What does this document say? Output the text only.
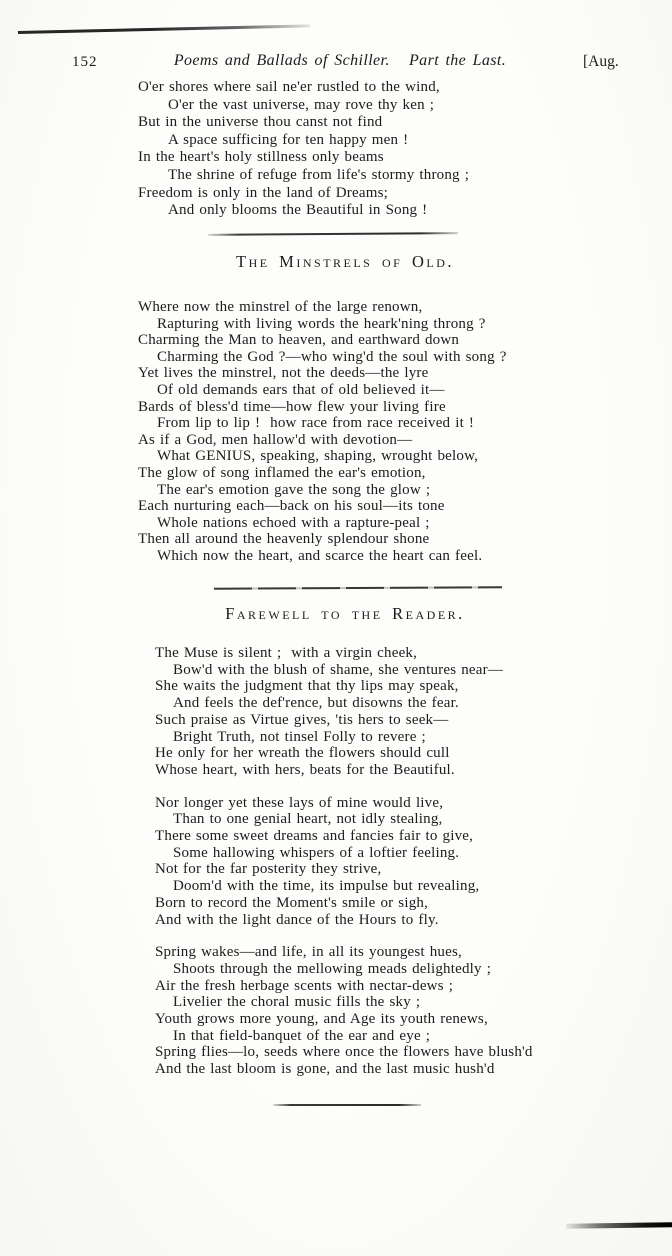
152	Poems and Ballads of Schiller.   Part the Last.	[Aug.
O'er shores where sail ne'er rustled to the wind,
O'er the vast universe, may rove thy ken ;
But in the universe thou canst not find
A space sufficing for ten happy men !
In the heart's holy stillness only beams
The shrine of refuge from life's stormy throng ;
Freedom is only in the land of Dreams;
And only blooms the Beautiful in Song !
The Minstrels of Old.
Where now the minstrel of the large renown,
Rapturing with living words the heark'ning throng ?
Charming the Man to heaven, and earthward down
Charming the God ?—who wing'd the soul with song ?
Yet lives the minstrel, not the deeds—the lyre
Of old demands ears that of old believed it—
Bards of bless'd time—how flew your living fire
From lip to lip !  how race from race received it !
As if a God, men hallow'd with devotion—
What GENIUS, speaking, shaping, wrought below,
The glow of song inflamed the ear's emotion,
The ear's emotion gave the song the glow ;
Each nurturing each—back on his soul—its tone
Whole nations echoed with a rapture-peal ;
Then all around the heavenly splendour shone
Which now the heart, and scarce the heart can feel.
Farewell to the Reader.
The Muse is silent ;  with a virgin cheek,
Bow'd with the blush of shame, she ventures near—
She waits the judgment that thy lips may speak,
And feels the def'rence, but disowns the fear.
Such praise as Virtue gives, 'tis hers to seek—
Bright Truth, not tinsel Folly to revere ;
He only for her wreath the flowers should cull
Whose heart, with hers, beats for the Beautiful.
Nor longer yet these lays of mine would live,
Than to one genial heart, not idly stealing,
There some sweet dreams and fancies fair to give,
Some hallowing whispers of a loftier feeling.
Not for the far posterity they strive,
Doom'd with the time, its impulse but revealing,
Born to record the Moment's smile or sigh,
And with the light dance of the Hours to fly.
Spring wakes—and life, in all its youngest hues,
Shoots through the mellowing meads delightedly ;
Air the fresh herbage scents with nectar-dews ;
Livelier the choral music fills the sky ;
Youth grows more young, and Age its youth renews,
In that field-banquet of the ear and eye ;
Spring flies—lo, seeds where once the flowers have blush'd
And the last bloom is gone, and the last music hush'd
